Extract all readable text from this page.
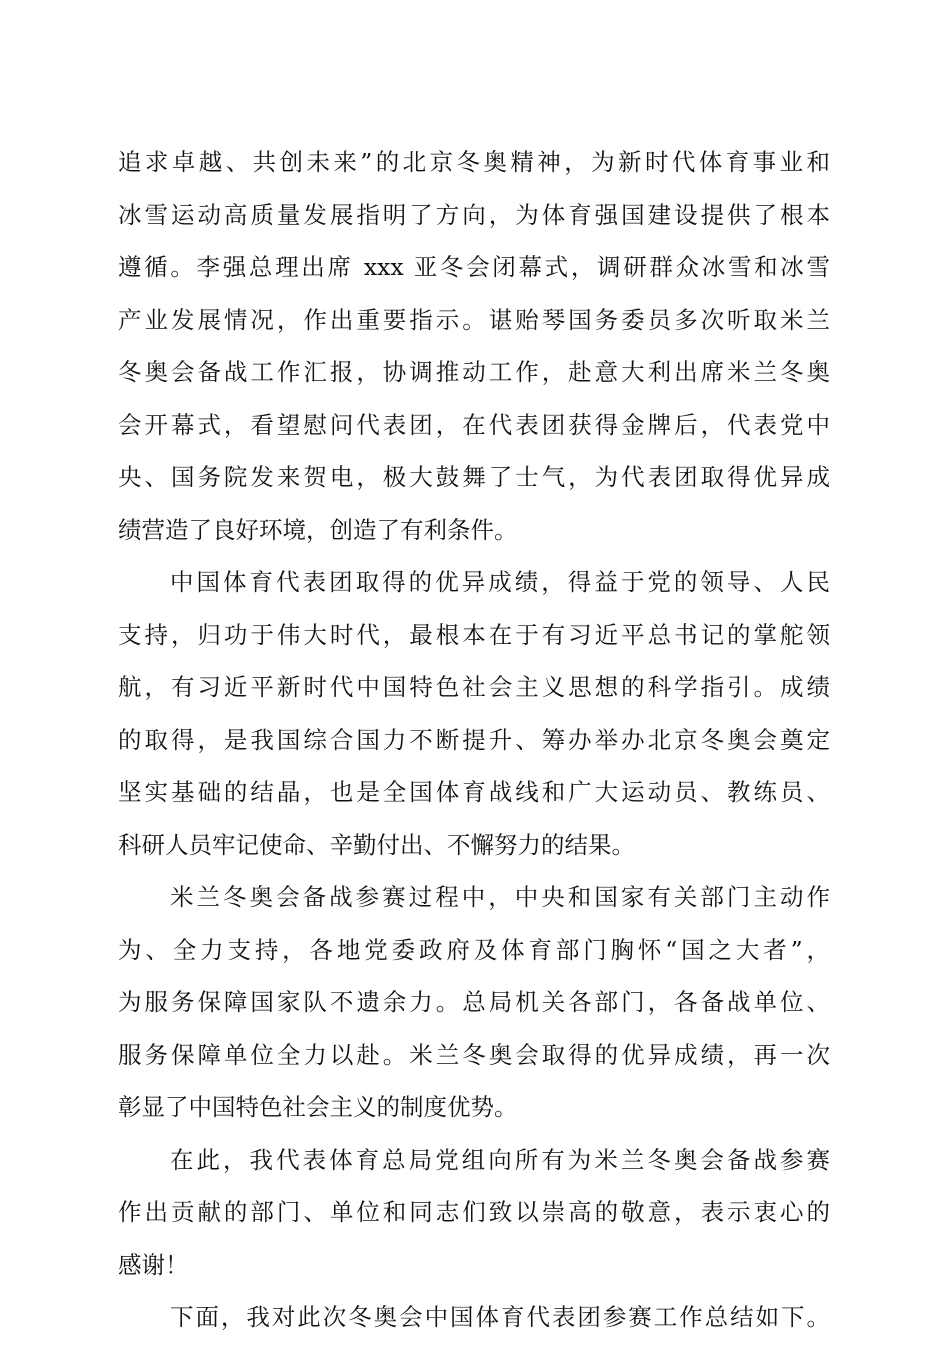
追求卓越、共创未来”的北京冬奥精神，为新时代体育事业和
冰雪运动高质量发展指明了方向，为体育强国建设提供了根本
遵循。李强总理出席 xxx 亚冬会闭幕式，调研群众冰雪和冰雪
产业发展情况，作出重要指示。谌贻琴国务委员多次听取米兰
冬奥会备战工作汇报，协调推动工作，赴意大利出席米兰冬奥
会开幕式，看望慰问代表团，在代表团获得金牌后，代表党中
央、国务院发来贺电，极大鼓舞了士气，为代表团取得优异成
绩营造了良好环境，创造了有利条件。
中国体育代表团取得的优异成绩，得益于党的领导、人民
支持，归功于伟大时代，最根本在于有习近平总书记的掌舵领
航，有习近平新时代中国特色社会主义思想的科学指引。成绩
的取得，是我国综合国力不断提升、筹办举办北京冬奥会奠定
坚实基础的结晶，也是全国体育战线和广大运动员、教练员、
科研人员牢记使命、辛勤付出、不懈努力的结果。
米兰冬奥会备战参赛过程中，中央和国家有关部门主动作
为、全力支持，各地党委政府及体育部门胸怀“国之大者”，
为服务保障国家队不遗余力。总局机关各部门，各备战单位、
服务保障单位全力以赴。米兰冬奥会取得的优异成绩，再一次
彰显了中国特色社会主义的制度优势。
在此，我代表体育总局党组向所有为米兰冬奥会备战参赛
作出贡献的部门、单位和同志们致以崇高的敬意，表示衷心的
感谢！
下面，我对此次冬奥会中国体育代表团参赛工作总结如下。
